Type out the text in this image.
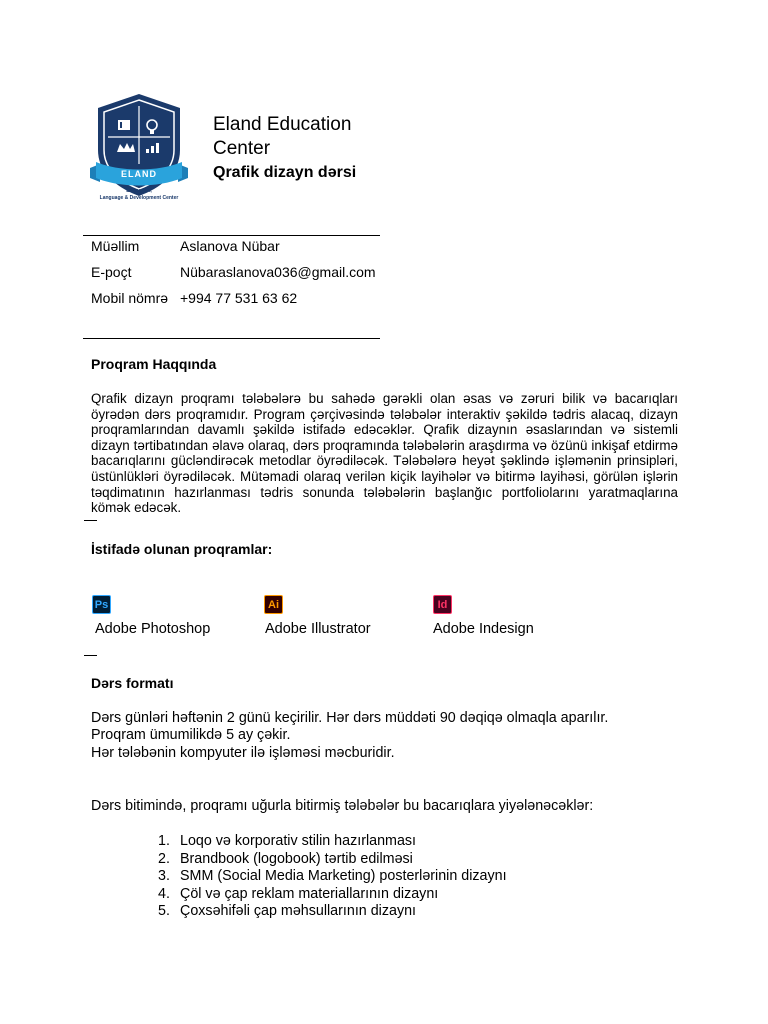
ELAND
Education,
Language & Development Center
Eland Education Center
Qrafik dizayn dərsi
Müəllim	Aslanova Nübar
E-poçt	Nübaraslanova036@gmail.com
Mobil nömrə +994 77 531 63 62
Proqram Haqqında
Qrafik dizayn proqramı tələbələrə bu sahədə gərəkli olan əsas və zəruri bilik və bacarıqları öyrədən dərs proqramıdır. Program çərçivəsində tələbələr interaktiv şəkildə tədris alacaq, dizayn proqramlarından davamlı şəkildə istifadə edəcəklər. Qrafik dizaynın əsaslarından və sistemli dizayn tərtibatından əlavə olaraq, dərs proqramında tələbələrin araşdırma və özünü inkişaf etdirmə bacarıqlarını gücləndirəcək metodlar öyrədiləcək. Tələbələrə heyət şəklində işləmənin prinsipləri, üstünlükləri öyrədiləcək. Mütəmadi olaraq verilən kiçik layihələr və bitirmə layihəsi, görülən işlərin təqdimatının hazırlanması tədris sonunda tələbələrin başlanğıc portfoliolarını yaratmaqlarına kömək edəcək.
İstifadə olunan proqramlar:
Ps
Adobe Photoshop
Ai
Adobe Illustrator
Id
Adobe Indesign
Dərs formatı
Dərs günləri həftənin 2 günü keçirilir. Hər dərs müddəti 90 dəqiqə olmaqla aparılır.
Proqram ümumilikdə 5 ay çəkir.
Hər tələbənin kompyuter ilə işləməsi məcburidir.
Dərs bitimində, proqramı uğurla bitirmiş tələbələr bu bacarıqlara yiyələnəcəklər:
1. Loqo və korporativ stilin hazırlanması
2. Brandbook (logobook) tərtib edilməsi
3. SMM (Social Media Marketing) posterlərinin dizaynı
4. Çöl və çap reklam materiallarının dizaynı
5. Çoxsəhifəli çap məhsullarının dizaynı
